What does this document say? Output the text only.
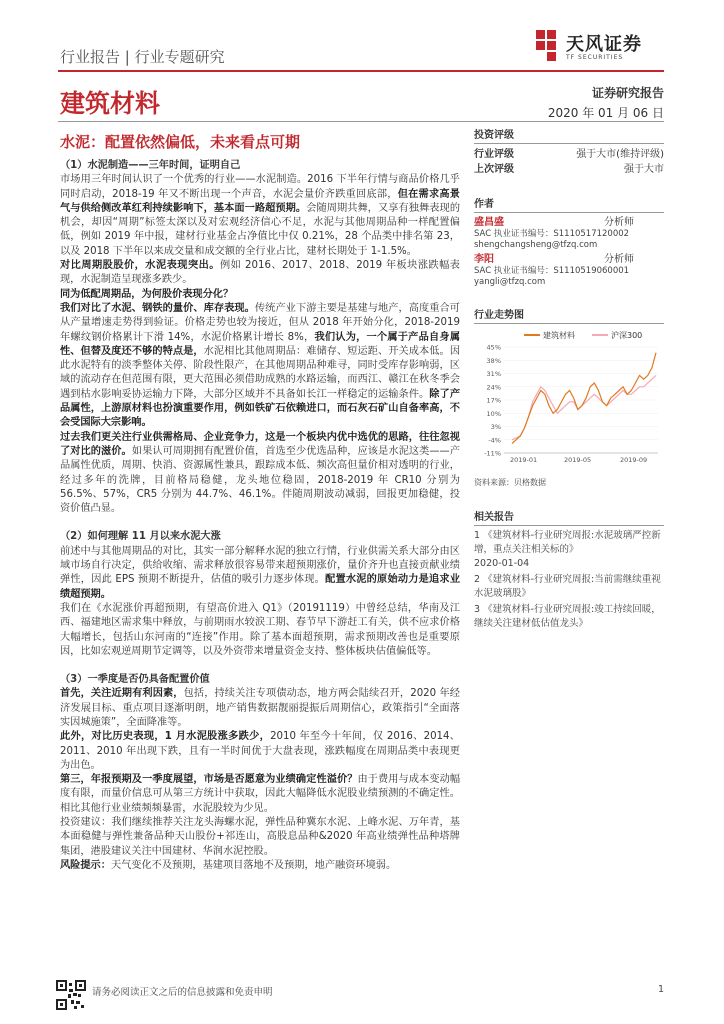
行业报告 | 行业专题研究
天风证券
TF SECURITIES
建筑材料	证券研究报告
2020 年 01 月 06 日
水泥：配置依然偏低，未来看点可期

（1）水泥制造——三年时间，证明自己

市场用三年时间认识了一个优秀的行业——水泥制造。2016 下半年行情与商品价格几乎同时启动，2018-19 年又不断出现一个声音，水泥会量价齐跌重回底部，但在需求高景气与供给侧改革红利持续影响下，基本面一路超预期。会随周期共舞，又享有独舞表现的机会，却因“周期”标签太深以及对宏观经济信心不足，水泥与其他周期品种一样配置偏低，例如 2019 年中报，建材行业基金占净值比中仅 0.21%，28 个品类中排名第 23，以及 2018 下半年以来成交量和成交额的全行业占比，建材长期处于 1-1.5%。

对比周期股股价，水泥表现突出。例如 2016、2017、2018、2019 年板块涨跌幅表现，水泥制造呈现涨多跌少。

同为低配周期品，为何股价表现分化？

我们对比了水泥、钢铁的量价、库存表现。传统产业下游主要是基建与地产，高度重合可从产量增速走势得到验证。价格走势也较为接近，但从 2018 年开始分化，2018-2019 年螺纹钢价格累计下滑 14%，水泥价格累计增长 8%，我们认为，一个属于产品自身属性、但替及度还不够的特点是，水泥相比其他周期品：难储存、短运距、开关成本低。因此水泥特有的淡季整体关停、阶段性限产，在其他周期品种难寻，同时受库存影响弱，区域的流动存在但范围有限，更大范围必须借助成熟的水路运输，而西江、赣江在秋冬季会遇到枯水影响妥协运输力下降，大部分区域并不具备如长江一样稳定的运输条件。除了产品属性，上游原材料也扮演重要作用，例如铁矿石依赖进口，而石灰石矿山自备率高，不会受国际大宗影响。

过去我们更关注行业供需格局、企业竞争力，这是一个板块内优中选优的思路，往往忽视了对比的滋价。如果认可周期拥有配置价值，首选至少优选品种，应该是水泥这类——产品属性优质，周期、快消、资源属性兼具，跟踪成本低、频次高但量价相对透明的行业，经过多年的洗牌，目前格局稳健，龙头地位稳固，2018-2019 年 CR10 分别为 56.5%、57%，CR5 分别为 44.7%、46.1%。伴随周期波动减弱，回报更加稳健，投资价值凸显。

（2）如何理解 11 月以来水泥大涨

前述中与其他周期品的对比，其实一部分解释水泥的独立行情，行业供需关系大部分由区域市场自行决定，供给收缩、需求释放很容易带来超预期涨价，量价齐升也直接贡献业绩弹性，因此 EPS 预期不断提升，估值的吸引力逐步体现。配置水泥的原始动力是追求业绩超预期。

我们在《水泥涨价再超预期，有望高价进入 Q1》（20191119）中曾经总结，华南及江西、福建地区需求集中释放，与前期雨水较涙工期、春节早下游赶工有关，供不应求价格大幅增长，包括山东河南的“连接”作用。除了基本面超预期，需求预期改善也是重要原因，比如宏观逆周期节定调等，以及外资带来增量资金支持、整体板块估值偏低等。

（3）一季度是否仍具备配置价值

首先，关注近期有利因素，包括，持续关注专项债动态，地方两会陆续召开，2020 年经济发展目标、重点项目逐渐明朗，地产销售数据靓丽提振后周期信心，政策指引“全面落实因城施策”，全面降准等。

此外，对比历史表现，1 月水泥股涨多跌少，2010 年至今十年间，仅 2016、2014、2011、2010 年出现下跌，且有一半时间优于大盘表现，涨跌幅度在周期品类中表现更为出色。

第三，年报预期及一季度展望，市场是否愿意为业绩确定性溢价？由于费用与成本变动幅度有限，而量价信息可从第三方统计中获取，因此大幅降低水泥股业绩预测的不确定性。相比其他行业业绩频频暴雷，水泥股较为少见。

投资建议：我们继续推荐关注龙头海螺水泥，弹性品种冀东水泥、上峰水泥、万年青，基本面稳健与弹性兼备品种天山股份+祁连山，高股息品种&2020 年高业绩弹性品种塔牌集团，港股建议关注中国建材、华润水泥控股。

风险提示：天气变化不及预期，基建项目落地不及预期，地产融资环境弱。

投资评级
行业评级	强于大市(维持评级)
上次评级	强于大市
作者
盛昌盛	分析师
SAC 执业证书编号：S1110517120002
shengchangsheng@tfzq.com
李阳	分析师
SAC 执业证书编号：S1110519060001
yangli@tfzq.com
行业走势图
建筑材料	沪深300
45%
38%
31%
24%
17%
10%
3%
-4%
-11%
2019-01	2019-05	2019-09
资料来源：贝格数据
相关报告
1 《建筑材料-行业研究周报:水泥玻璃严控新增，重点关注相关标的》
2020-01-04
2 《建筑材料-行业研究周报:当前需继续重视水泥玻璃股》
3 《建筑材料-行业研究周报:竣工持续回暖，继续关注建材低估值龙头》
请务必阅读正文之后的信息披露和免责申明	1
